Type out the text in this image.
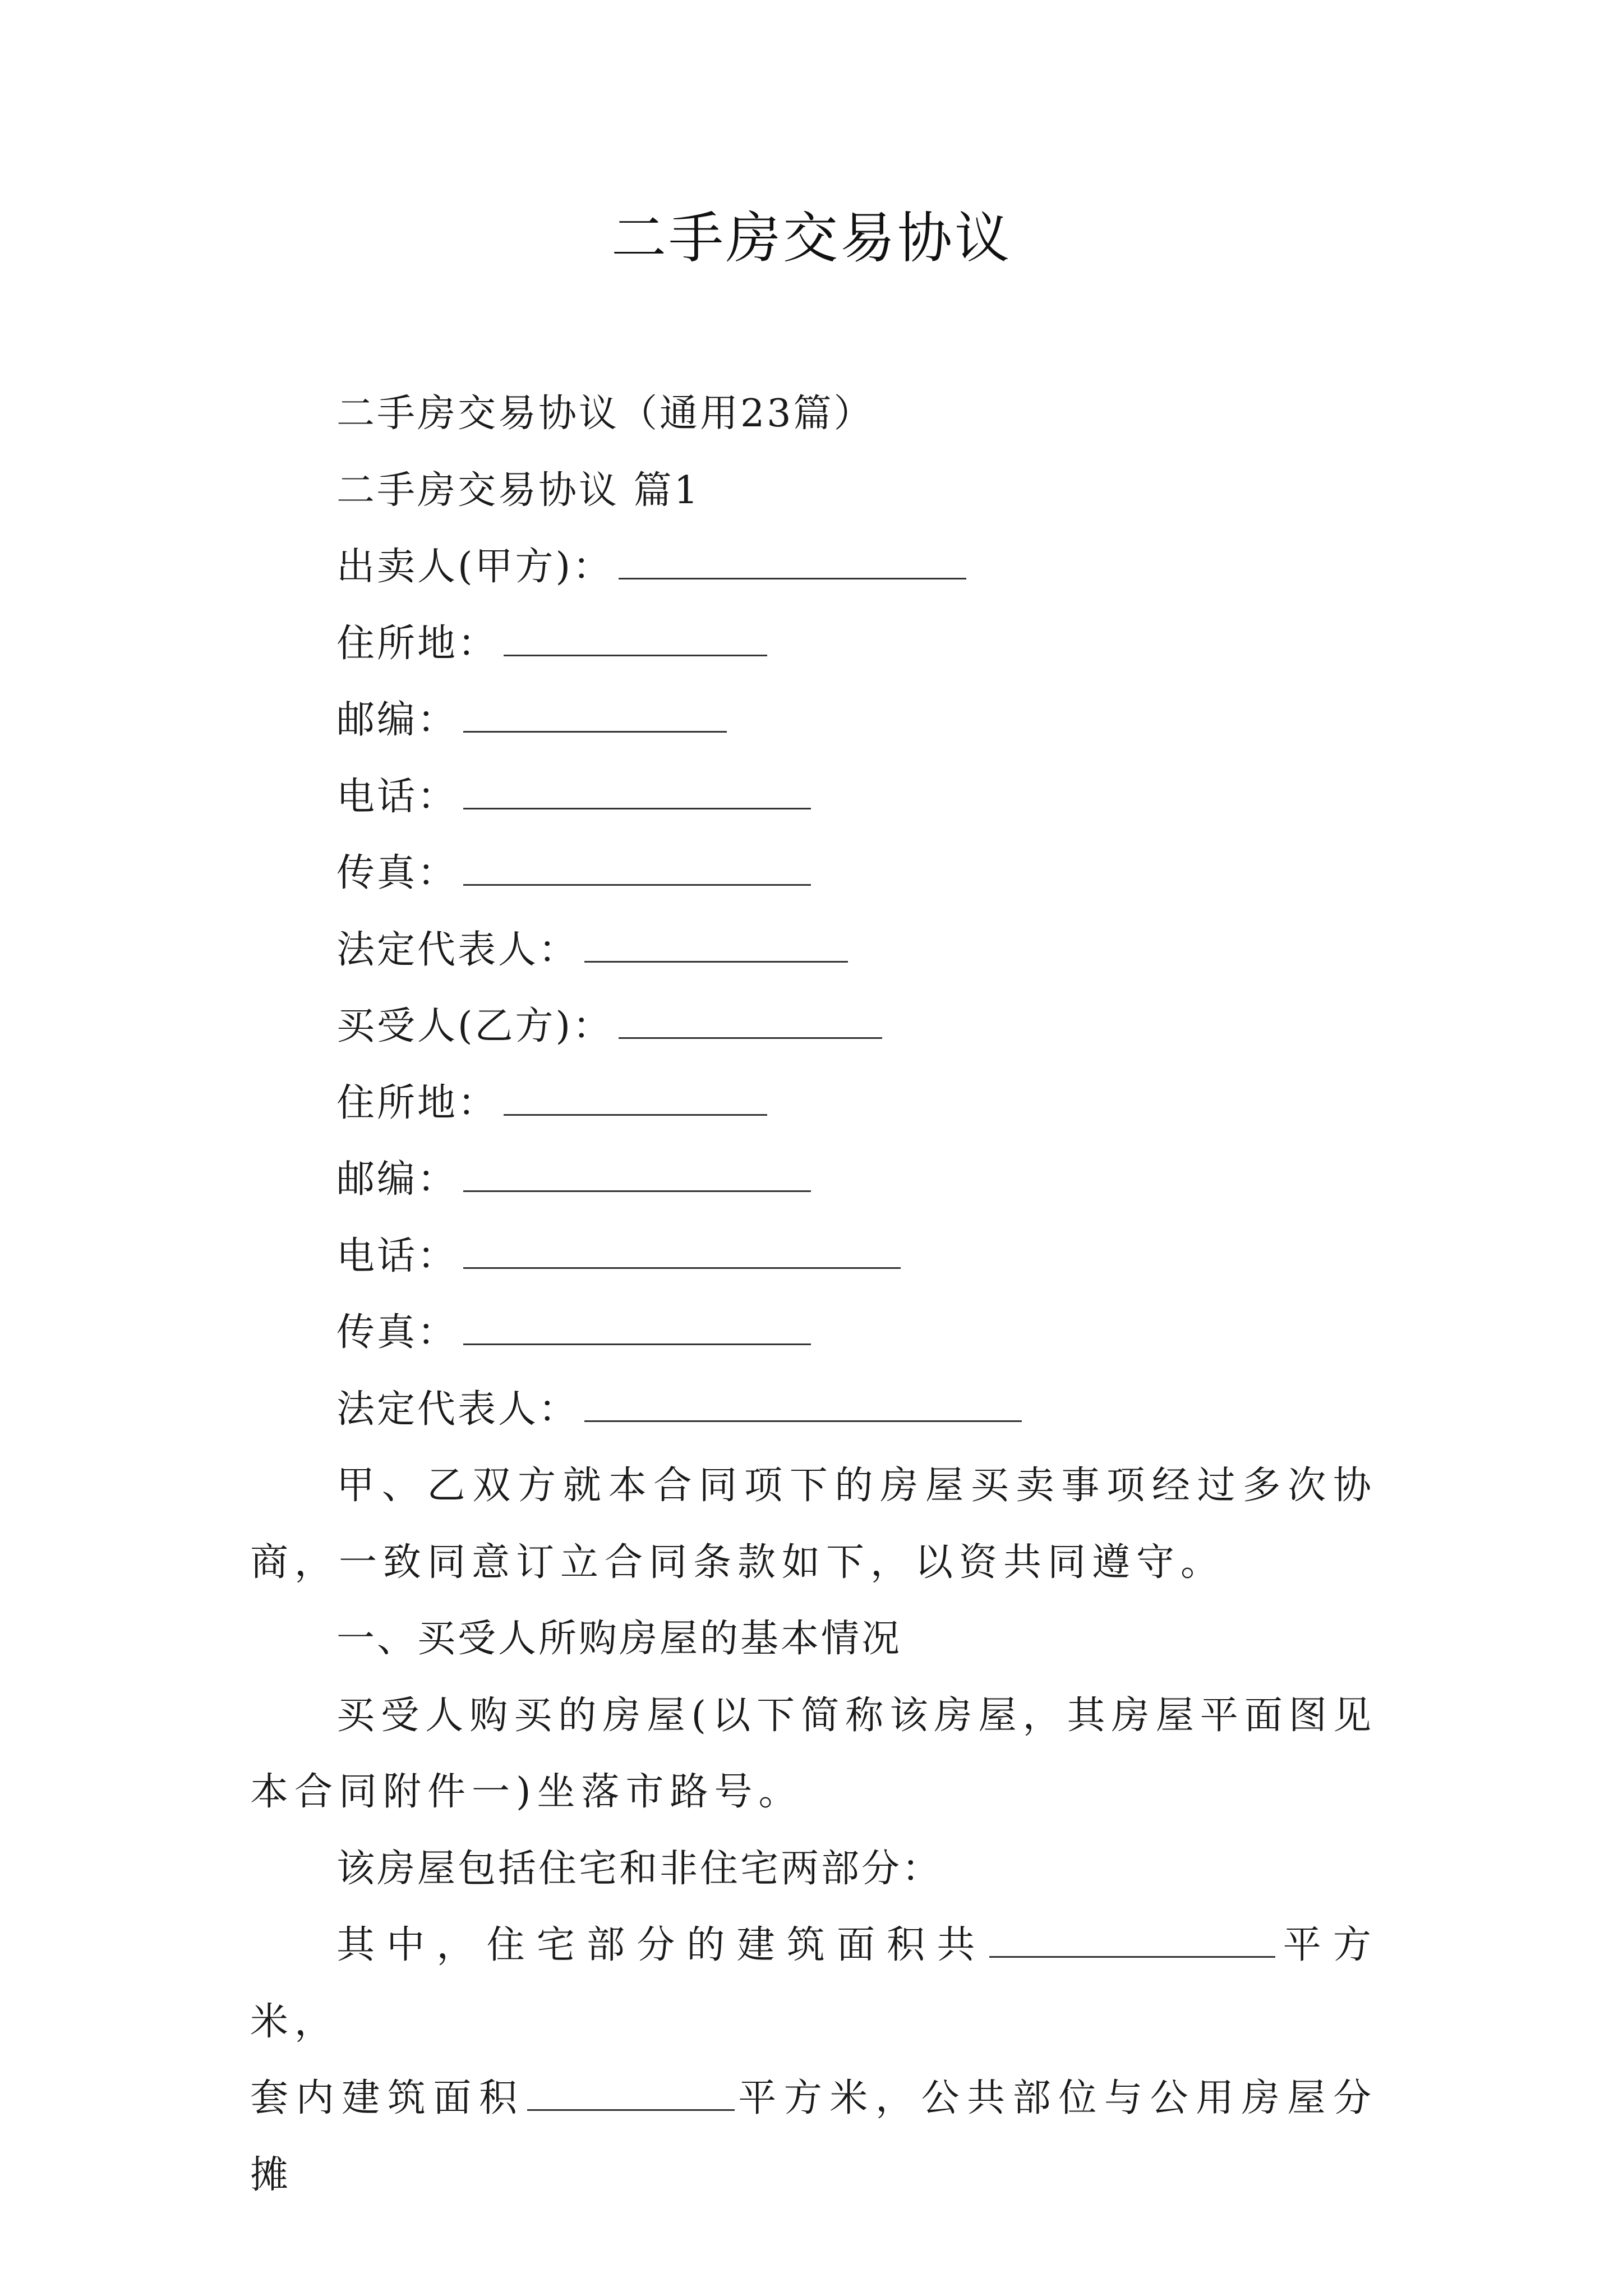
二手房交易协议
二手房交易协议（通用23篇）
二手房交易协议 篇1
出卖人(甲方)：
住所地：
邮编：
电话：
传真：
法定代表人：
买受人(乙方)：
住所地：
邮编：
电话：
传真：
法定代表人：
甲、乙双方就本合同项下的房屋买卖事项经过多次协商，一致同意订立合同条款如下，以资共同遵守。
一、买受人所购房屋的基本情况
买受人购买的房屋(以下简称该房屋，其房屋平面图见本合同附件一)坐落市路号。
该房屋包括住宅和非住宅两部分：
其中，住宅部分的建筑面积共	平方米，
套内建筑面积	平方米，公共部位与公用房屋分摊
